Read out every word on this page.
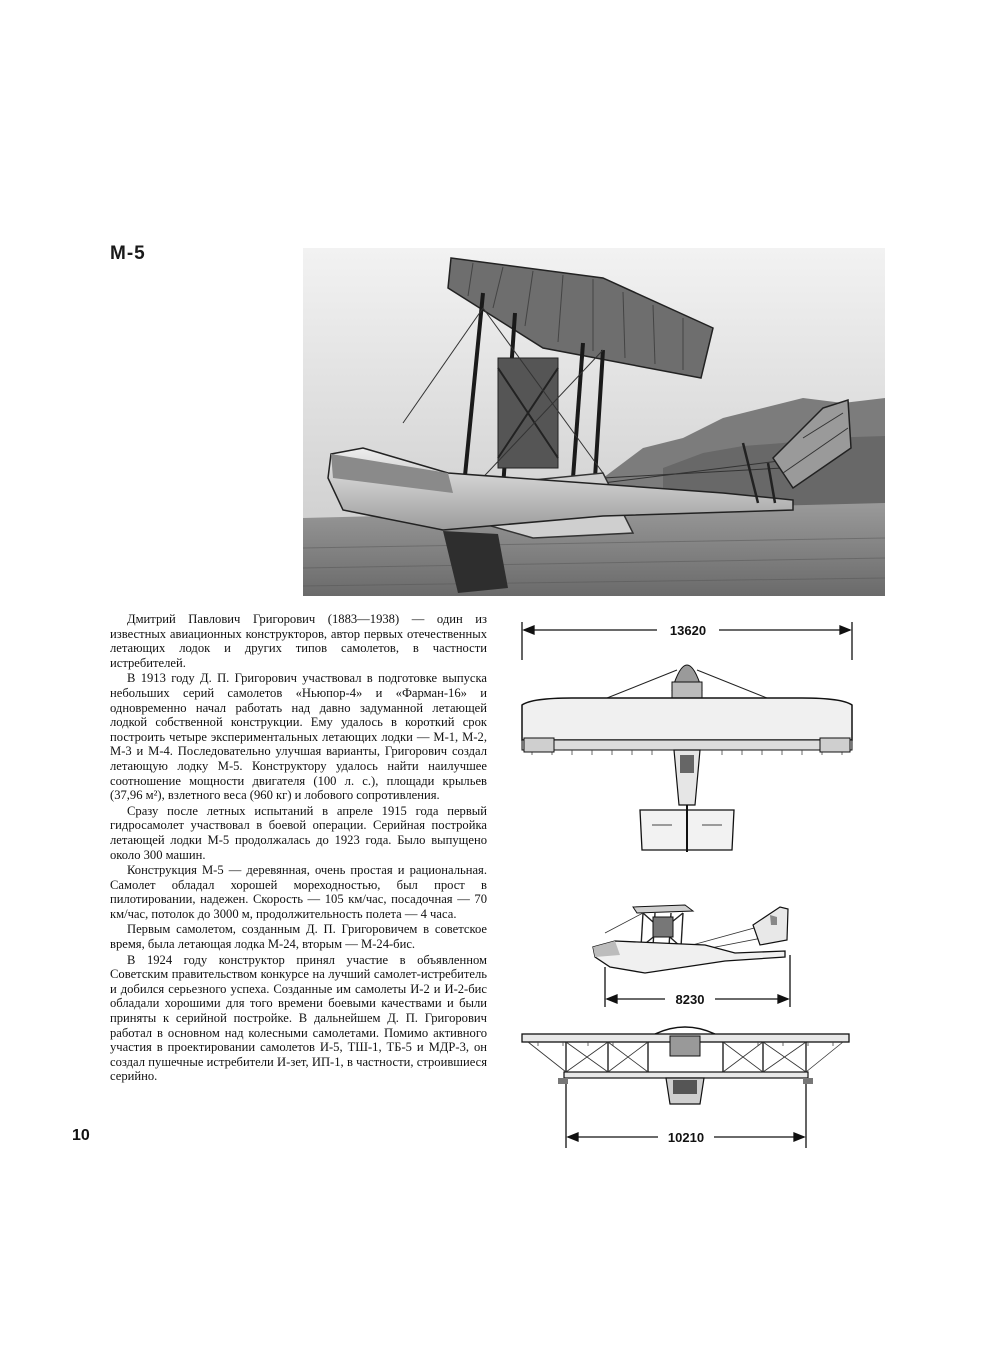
М-5

Дмитрий Павлович Григорович (1883—1938) — один из известных авиационных конструкторов, автор первых отечественных летающих лодок и других типов самолетов, в частности истребителей.

В 1913 году Д. П. Григорович участвовал в подготовке выпуска небольших серий самолетов «Ньюпор-4» и «Фарман-16» и одновременно начал работать над давно задуманной летающей лодкой собственной конструкции. Ему удалось в короткий срок построить четыре экспериментальных летающих лодки — М-1, М-2, М-3 и М-4. Последовательно улучшая варианты, Григорович создал летающую лодку М-5. Конструктору удалось найти наилучшее соотношение мощности двигателя (100 л. с.), площади крыльев (37,96 м²), взлетного веса (960 кг) и лобового сопротивления.

Сразу после летных испытаний в апреле 1915 года первый гидросамолет участвовал в боевой операции. Серийная постройка летающей лодки М-5 продолжалась до 1923 года. Было выпущено около 300 машин.

Конструкция М-5 — деревянная, очень простая и рациональная. Самолет обладал хорошей мореходностью, был прост в пилотировании, надежен. Скорость — 105 км/час, посадочная — 70 км/час, потолок до 3000 м, продолжительность полета — 4 часа.

Первым самолетом, созданным Д. П. Григоровичем в советское время, была летающая лодка М-24, вторым — М-24-бис.

В 1924 году конструктор принял участие в объявленном Советским правительством конкурсе на лучший самолет-истребитель и добился серьезного успеха. Созданные им самолеты И-2 и И-2-бис обладали хорошими для того времени боевыми качествами и были приняты к серийной постройке. В дальнейшем Д. П. Григорович работал в основном над колесными самолетами. Помимо активного участия в проектировании самолетов И-5, ТШ-1, ТБ-5 и МДР-3, он создал пушечные истребители И-зет, ИП-1, в частности, строившиеся серийно.

10
13620
8230
10210
